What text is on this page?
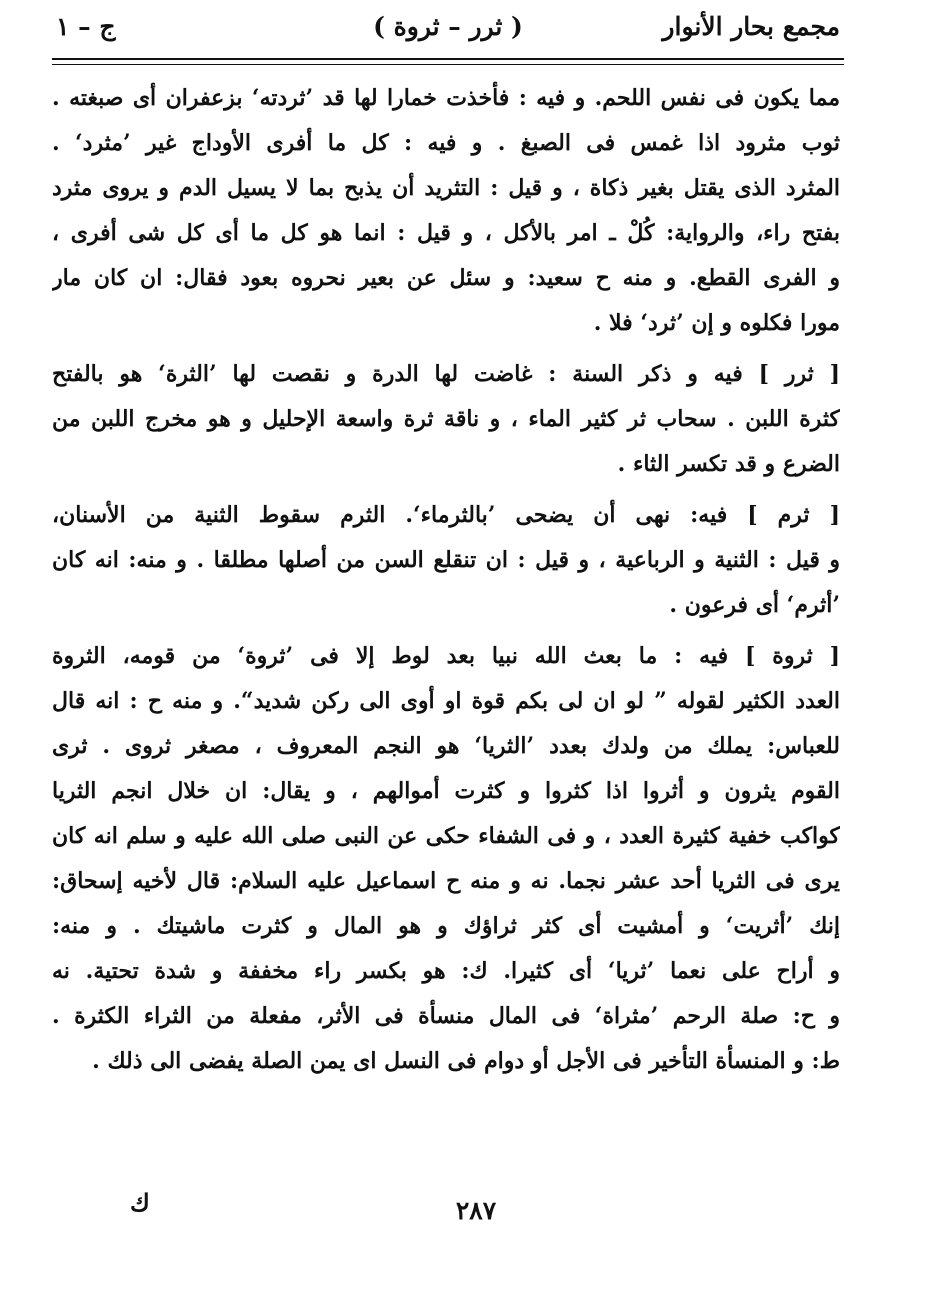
مجمع بحار الأنوار
( ثرر – ثروة )
ج – ١
مما يكون فى نفس اللحم. و فيه : فأخذت خمارا لها قد ’ثردته‘ بزعفران أى صبغته .
ثوب مثرود اذا غمس فى الصبغ . و فيه : كل ما أفرى الأوداج غير ’مثرد‘ .
المثرد الذى يقتل بغير ذكاة ، و قيل : التثريد أن يذبح بما لا يسيل الدم و يروى مثرد
بفتح راء، والرواية: كُلْ ـ امر بالأكل ، و قيل : انما هو كل ما أى كل شى أفرى ،
و الفرى القطع. و منه ح سعيد: و سئل عن بعير نحروه بعود فقال: ان كان مار
مورا فكلوه و إن ’ثرد‘ فلا .
[ ثرر ] فيه و ذكر السنة : غاضت لها الدرة و نقصت لها ’الثرة‘ هو بالفتح
كثرة اللبن . سحاب ثر كثير الماء ، و ناقة ثرة واسعة الإحليل و هو مخرج اللبن من
الضرع و قد تكسر الثاء .
[ ثرم ] فيه: نهى أن يضحى ’بالثرماء‘. الثرم سقوط الثنية من الأسنان،
و قيل : الثنية و الرباعية ، و قيل : ان تنقلع السن من أصلها مطلقا . و منه: انه كان
’أثرم‘ أى فرعون .
[ ثروة ] فيه : ما بعث الله نبيا بعد لوط إلا فى ’ثروة‘ من قومه، الثروة
العدد الكثير لقوله ” لو ان لى بكم قوة او أوى الى ركن شديد“. و منه ح : انه قال
للعباس: يملك من ولدك بعدد ’الثريا‘ هو النجم المعروف ، مصغر ثروى . ثرى
القوم يثرون و أثروا اذا كثروا و كثرت أموالهم ، و يقال: ان خلال انجم الثريا
كواكب خفية كثيرة العدد ، و فى الشفاء حكى عن النبى صلى الله عليه و سلم انه كان
يرى فى الثريا أحد عشر نجما. نه و منه ح اسماعيل عليه السلام: قال لأخيه إسحاق:
إنك ’أثريت‘ و أمشيت أى كثر ثراؤك و هو المال و كثرت ماشيتك . و منه:
و أراح على نعما ’ثريا‘ أى كثيرا. ك: هو بكسر راء مخففة و شدة تحتية. نه
و ح: صلة الرحم ’مثراة‘ فى المال منسأة فى الأثر، مفعلة من الثراء الكثرة .
ط: و المنسأة التأخير فى الأجل أو دوام فى النسل اى يمن الصلة يفضى الى ذلك .
ك	٢٨٧
